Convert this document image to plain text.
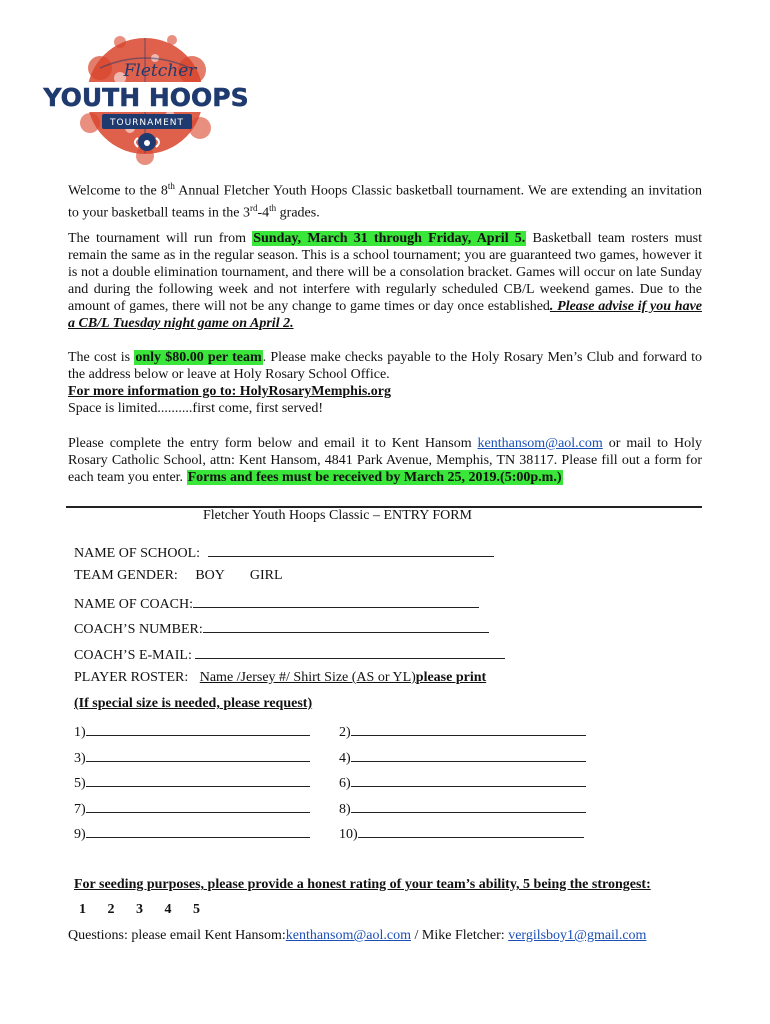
Fletcher
YOUTH HOOPS
TOURNAMENT
Welcome to the 8th Annual Fletcher Youth Hoops Classic basketball tournament. We are extending an invitation to your basketball teams in the 3rd-4th grades.
The tournament will run from Sunday, March 31 through Friday, April 5. Basketball team rosters must remain the same as in the regular season. This is a school tournament; you are guaranteed two games, however it is not a double elimination tournament, and there will be a consolation bracket. Games will occur on late Sunday and during the following week and not interfere with regularly scheduled CB/L weekend games. Due to the amount of games, there will not be any change to game times or day once established. Please advise if you have a CB/L Tuesday night game on April 2.
The cost is only $80.00 per team. Please make checks payable to the Holy Rosary Men’s Club and forward to the address below or leave at Holy Rosary School Office.
For more information go to: HolyRosaryMemphis.org
Space is limited..........first come, first served!
Please complete the entry form below and email it to Kent Hansom kenthansom@aol.com or mail to Holy Rosary Catholic School, attn: Kent Hansom, 4841 Park Avenue, Memphis, TN 38117. Please fill out a form for each team you enter. Forms and fees must be received by March 25, 2019.(5:00p.m.)
Fletcher Youth Hoops Classic – ENTRY FORM
NAME OF SCHOOL:
TEAM GENDER: BOY GIRL
NAME OF COACH:
COACH’S NUMBER:
COACH’S E-MAIL:
PLAYER ROSTER: Name /Jersey #/ Shirt Size (AS or YL)please print
(If special size is needed, please request)
1)	2)
3)	4)
5)	6)
7)	8)
9)	10)
For seeding purposes, please provide a honest rating of your team’s ability, 5 being the strongest:
1 2 3 4 5
Questions: please email Kent Hansom:kenthansom@aol.com / Mike Fletcher: vergilsboy1@gmail.com
